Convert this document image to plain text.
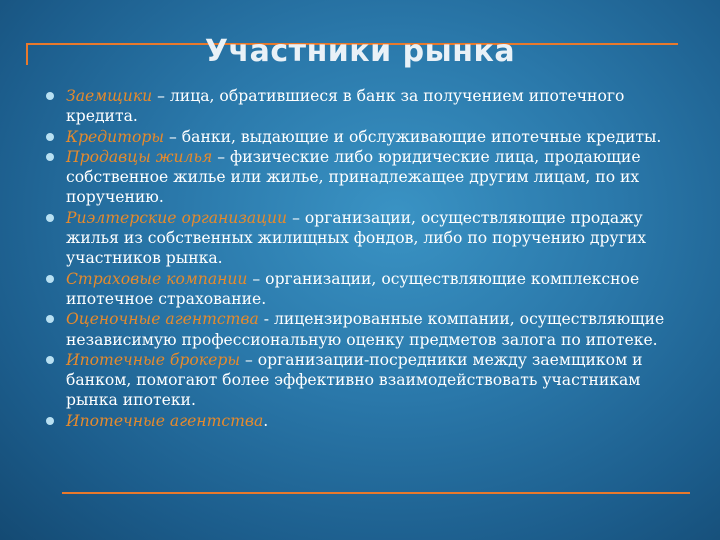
Участники рынка
Заемщики – лица, обратившиеся в банк за получением ипотечного кредита.
Кредиторы – банки, выдающие и обслуживающие ипотечные кредиты.
Продавцы жилья – физические либо юридические лица, продающие собственное жилье или жилье, принадлежащее другим лицам, по их поручению.
Риэлтерские организации – организации, осуществляющие продажу жилья из собственных жилищных фондов, либо по поручению других участников рынка.
Страховые компании – организации, осуществляющие комплексное ипотечное страхование.
Оценочные агентства - лицензированные компании, осуществляющие независимую профессиональную оценку предметов залога по ипотеке.
Ипотечные брокеры – организации-посредники между заемщиком и банком, помогают более эффективно взаимодействовать участникам рынка ипотеки.
Ипотечные агентства.
